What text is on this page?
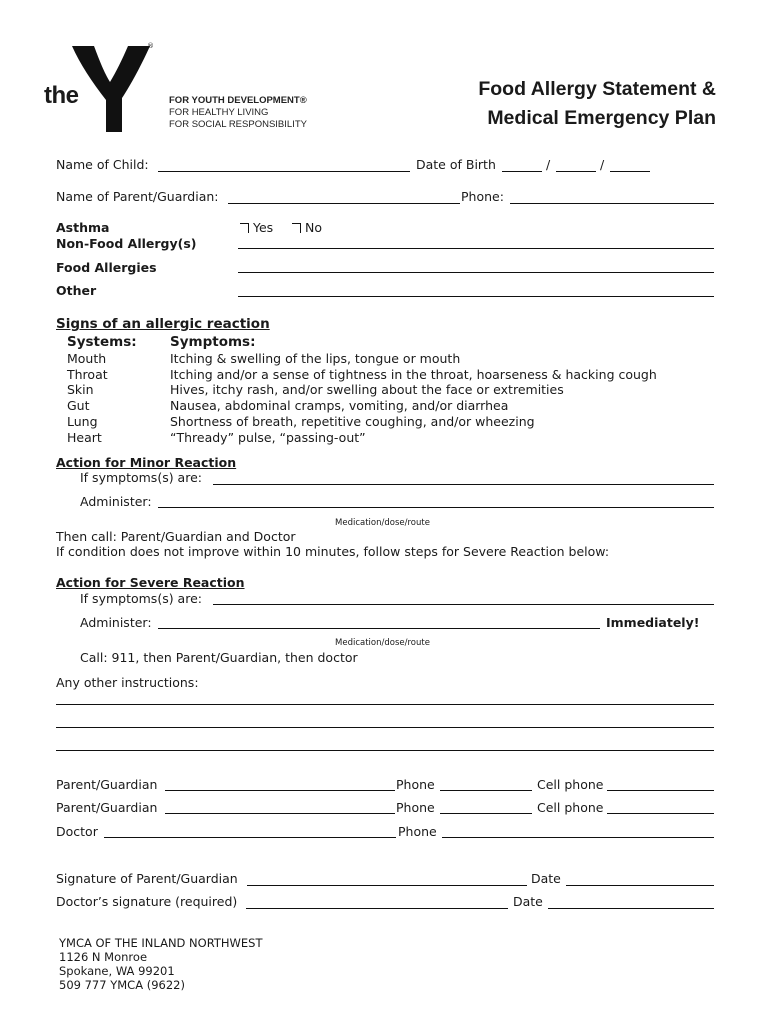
the
YMCA
®
FOR YOUTH DEVELOPMENT®
FOR HEALTHY LIVING
FOR SOCIAL RESPONSIBILITY
Food Allergy Statement &
Medical Emergency Plan
Name of Child:	Date of Birth	/	/
Name of Parent/Guardian:	Phone:
Asthma	Yes	No
Non-Food Allergy(s)
Food Allergies
Other
Signs of an allergic reaction
Systems: Symptoms:
Mouth	Itching & swelling of the lips, tongue or mouth
Throat	Itching and/or a sense of tightness in the throat, hoarseness & hacking cough
Skin	Hives, itchy rash, and/or swelling about the face or extremities
Gut	Nausea, abdominal cramps, vomiting, and/or diarrhea
Lung	Shortness of breath, repetitive coughing, and/or wheezing
Heart	“Thready” pulse, “passing-out”
Action for Minor Reaction
If symptoms(s) are:
Administer:
Medication/dose/route
Then call: Parent/Guardian and Doctor
If condition does not improve within 10 minutes, follow steps for Severe Reaction below:
Action for Severe Reaction
If symptoms(s) are:
Administer:	Immediately!
Medication/dose/route
Call: 911, then Parent/Guardian, then doctor
Any other instructions:
Parent/Guardian	Phone	Cell phone
Parent/Guardian	Phone	Cell phone
Doctor	Phone
Signature of Parent/Guardian	Date
Doctor’s signature (required)	Date
YMCA OF THE INLAND NORTHWEST
1126 N Monroe
Spokane, WA 99201
509 777 YMCA (9622)
